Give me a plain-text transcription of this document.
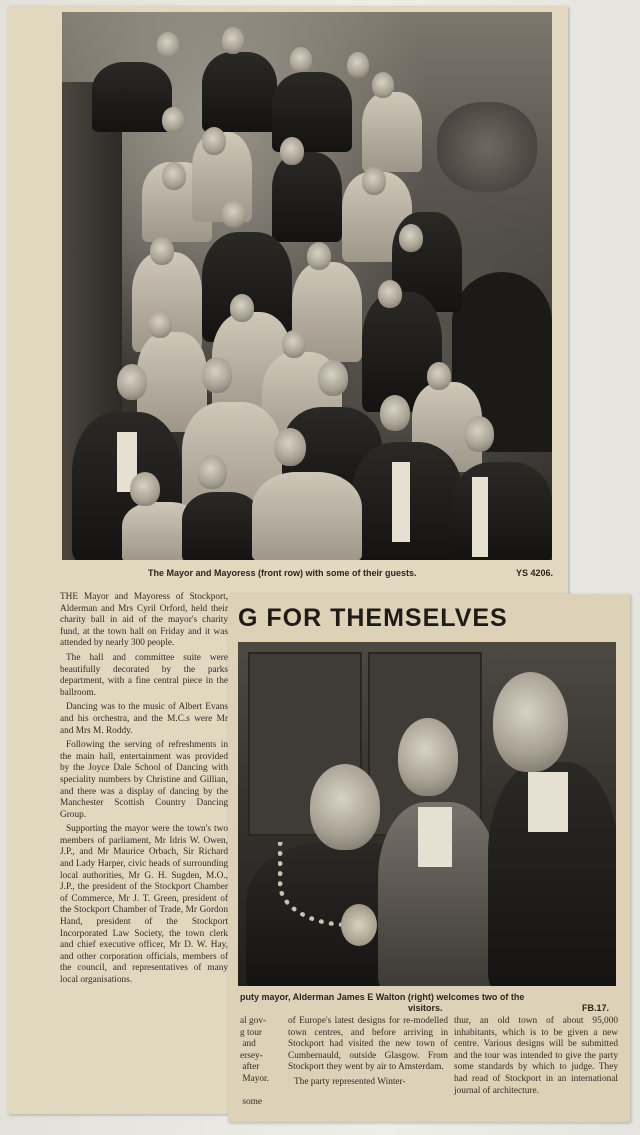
The Mayor and Mayoress (front row) with some of their guests.	YS 4206.

THE Mayor and Mayoress of Stockport, Alderman and Mrs Cyril Orford, held their charity ball in aid of the mayor's charity fund, at the town hall on Friday and it was attended by nearly 300 people.

The hall and committee suite were beautifully decorated by the parks department, with a fine central piece in the ballroom.

Dancing was to the music of Albert Evans and his orchestra, and the M.C.s were Mr and Mrs M. Roddy.

Following the serving of refreshments in the main hall, entertainment was provided by the Joyce Dale School of Dancing with speciality numbers by Christine and Gillian, and there was a display of dancing by the Manchester Scottish Country Dancing Group.

Supporting the mayor were the town's two members of parliament, Mr Idris W. Owen, J.P., and Mr Maurice Orbach, Sir Richard and Lady Harper, civic heads of surrounding local authorities, Mr G. H. Sugden, M.O., J.P., the president of the Stockport Chamber of Commerce, Mr J. T. Green, president of the Stockport Chamber of Trade, Mr Gordon Hand, president of the Stockport Incorporated Law Society, the town clerk and chief executive officer, Mr D. W. Hay, and other corporation officials, members of the council, and representatives of many local organisations.

G FOR THEMSELVES
puty mayor, Alderman James E Walton (right) welcomes two of the
visitors.	FB.17.
al gov-
g tour
and
ersey-
after
Mayor.

some

of Europe's latest designs for re-modelled town centres, and before arriving in Stockport had visited the new town of Cumbernauld, outside Glasgow. From Stockport they went by air to Amsterdam.

The party represented Winter-

thur, an old town of about 95,000 inhabitants, which is to be given a new centre. Various designs will be submitted and the tour was intended to give the party some standards by which to judge. They had read of Stockport in an international journal of architecture.
